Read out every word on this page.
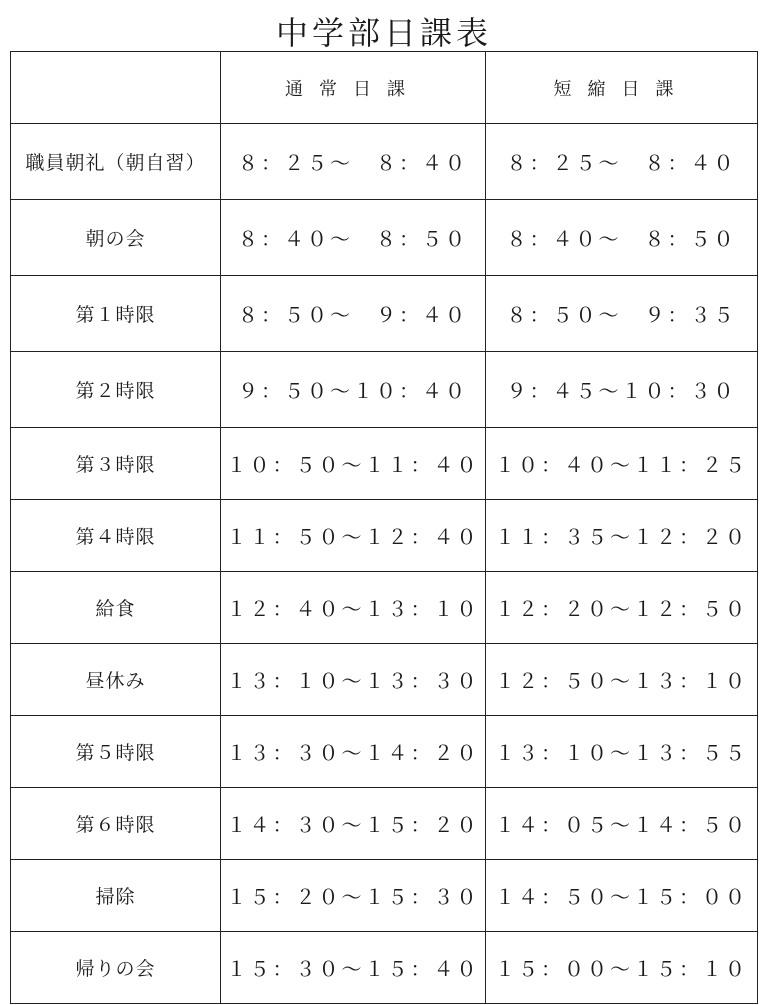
中学部日課表
	通常日課	短縮日課
職員朝礼（朝自習）	８：２５～　８：４０	８：２５～　８：４０
朝の会	８：４０～　８：５０	８：４０～　８：５０
第１時限	８：５０～　９：４０	８：５０～　９：３５
第２時限	９：５０～１０：４０	９：４５～１０：３０
第３時限	１０：５０～１１：４０	１０：４０～１１：２５
第４時限	１１：５０～１２：４０	１１：３５～１２：２０
給食	１２：４０～１３：１０	１２：２０～１２：５０
昼休み	１３：１０～１３：３０	１２：５０～１３：１０
第５時限	１３：３０～１４：２０	１３：１０～１３：５５
第６時限	１４：３０～１５：２０	１４：０５～１４：５０
掃除	１５：２０～１５：３０	１４：５０～１５：００
帰りの会	１５：３０～１５：４０	１５：００～１５：１０
